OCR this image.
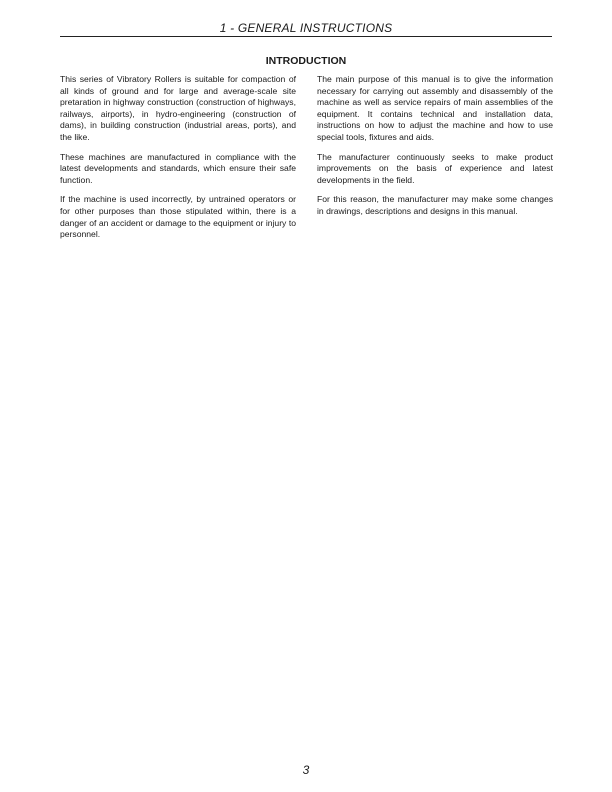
1 - GENERAL INSTRUCTIONS
INTRODUCTION

This series of Vibratory Rollers is suitable for compaction of all kinds of ground and for large and average-scale site pretaration in highway construction (construction of highways, railways, airports), in hydro-engineering (construction of dams), in building construction (industrial areas, ports), and the like.

These machines are manufactured in compliance with the latest developments and standards, which ensure their safe function.

If the machine is used incorrectly, by untrained operators or for other purposes than those stipulated within, there is a danger of an accident or damage to the equipment or injury to personnel.

The main purpose of this manual is to give the information necessary for carrying out assembly and disassembly of the machine as well as service repairs of main assemblies of the equipment. It contains technical and installation data, instructions on how to adjust the machine and how to use special tools, fixtures and aids.

The manufacturer continuously seeks to make product improvements on the basis of experience and latest developments in the field.

For this reason, the manufacturer may make some changes in drawings, descriptions and designs in this manual.

3
